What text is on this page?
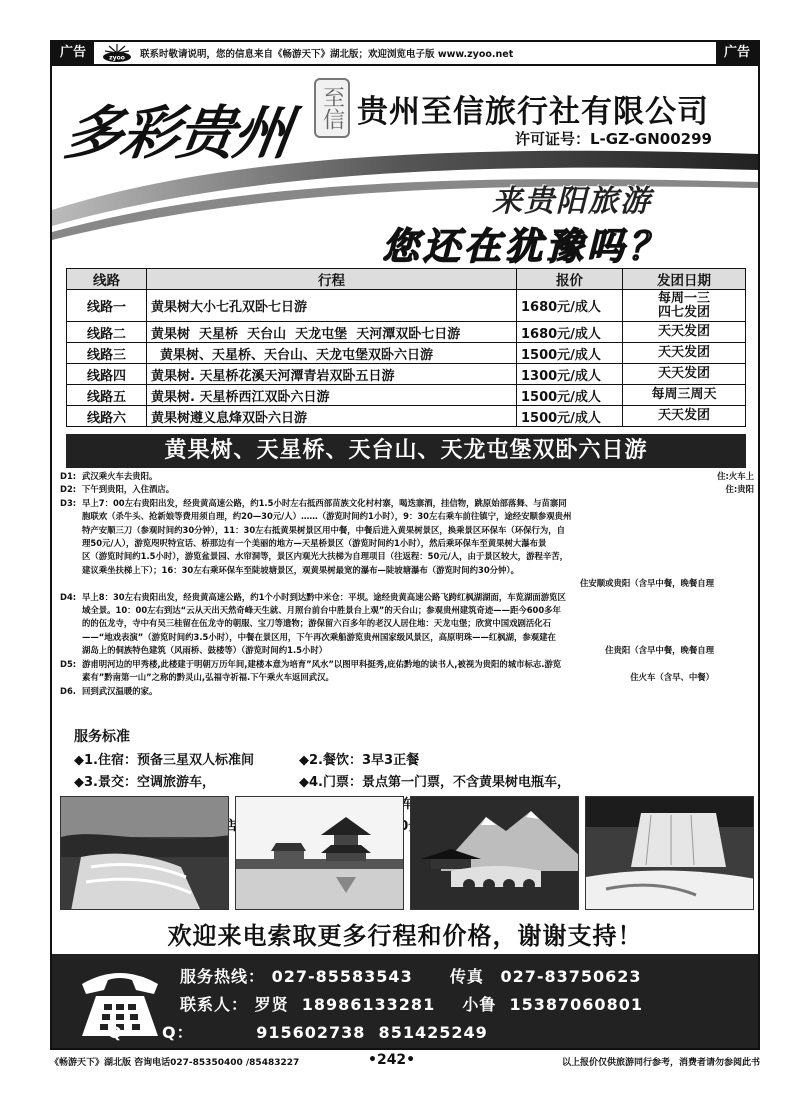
广告	zyoo 联系时敬请说明，您的信息来自《畅游天下》湖北版；欢迎浏览电子版 www.zyoo.net	广告
多彩贵州 至信 贵州至信旅行社有限公司
许可证号：L-GZ-GN00299
来贵阳旅游
您还在犹豫吗？
线路	行程	报价	发团日期
线路一	黄果树大小七孔双卧七日游	1680元/成人	每周一三
四七发团
线路二	黄果树  天星桥  天台山  天龙屯堡  天河潭双卧七日游	1680元/成人	天天发团
线路三	黄果树、天星桥、天台山、天龙屯堡双卧六日游	1500元/成人	天天发团
线路四	黄果树. 天星桥花溪天河潭青岩双卧五日游	1300元/成人	天天发团
线路五	黄果树. 天星桥西江双卧六日游	1500元/成人	每周三周天
线路六	黄果树遵义息烽双卧六日游	1500元/成人	天天发团
黄果树、天星桥、天台山、天龙屯堡双卧六日游
D1: 武汉乘火车去贵阳。	住:火车上
D2: 下午到贵阳，入住酒店。	住:贵阳
D3: 早上7：00左右贵阳出发，经贵黄高速公路，约1.5小时左右抵西部苗族文化村村寨，喝迭寨酒，挂信物，跳原始部落舞、与苗寨同
胞联欢（杀牛头、抢新娘等费用须自理，约20—30元/人）……（游览时间约1小时），9：30左右乘车前往镇宁，途经安顺参观贵州
特产安顺三刀（参观时间约30分钟），11：30左右抵黄果树景区用中餐，中餐后进入黄果树景区，换乘景区环保车（环保行为，自
理50元/人），游览咫呎特宣话、桥那边有一个美丽的地方—天星桥景区（游览时间约1小时），然后乘环保车至黄果树大瀑布景
区（游览时间约1.5小时），游览盆景园、水帘洞等，景区内观光大扶梯为自理项目（往返程：50元/人，由于景区较大，游程辛苦，
建议乘坐扶梯上下）；16：30左右乘环保车至陡坡塘景区，观黄果树最宽的瀑布—陡坡塘瀑布（游览时间约30分钟）。

住安顺或贵阳（含早中餐，晚餐自理
D4: 早上8：30左右贵阳出发，经贵黄高速公路，约1个小时到达黔中米仓：平坝。途经贵黄高速公路飞跨红枫湖湖面，车览湖面游览区
域全景。10：00左右到达“云从天出天然奇峰天生就、月照台前台中胜景台上观”的天台山；参观贵州建筑奇迹——距今600多年
的的伍龙寺，寺中有吴三桂留在伍龙寺的朝服、宝刀等遗物；游保留六百多年的老汉人居住地：天龙屯堡；欣赏中国戏剧活化石
——“地戏表演”（游览时间约3.5小时），中餐在景区用，下午再次乘船游览贵州国家级风景区，高原明珠——红枫湖，参观建在

湖岛上的侗族特色建筑（风雨桥、鼓楼等）（游览时间约1.5小时）	住贵阳（含早中餐，晚餐自理
D5: 游甫明河边的甲秀楼,此楼建于明朝万历年间,建楼本意为培育”风水”以图甲科挺秀,庇佑黔地的读书人,被视为贵阳的城市标志.游览

素有”黔南第一山”之称的黔灵山,弘福寺祈福.下午乘火车返回武汉。	住火车（含早、中餐）
D6. 回到武汉温暖的家。
服务标准
◆1.住宿：预备三星双人标准间	◆2.餐饮：3早3正餐
◆3.景交：空调旅游车，	◆4.门票：景点第一门票，不含黄果树电瓶车，
欢迎来电索取更多行程和价格，谢谢支持！
服务热线： 027-85583543 传真 027-83750623
联系人： 罗贤  18986133281 小鲁  15387060801
Q      Q：	915602738  851425249
《畅游天下》湖北版 咨询电话027-85350400 /85483227	•242•	以上报价仅供旅游同行参考，消费者请勿参阅此书
